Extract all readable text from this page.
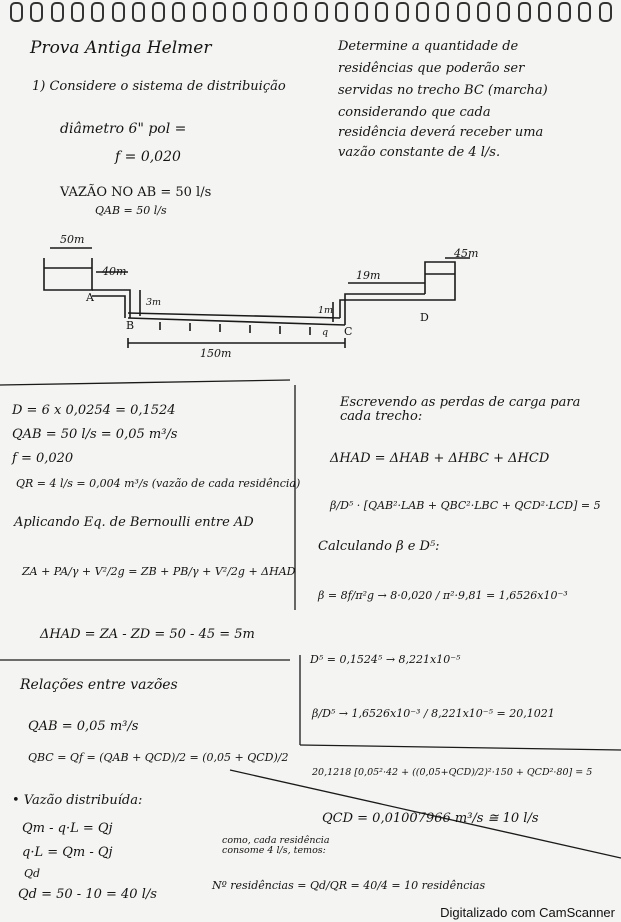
Prova Antiga Helmer
1) Considere o sistema de distribuição
diâmetro 6" pol =
f = 0,020
VAZÃO NO AB = 50 l/s
QAB = 50 l/s
Determine a quantidade de
residências que poderão ser
servidas no trecho BC (marcha)
considerando que cada
residência deverá receber uma
vazão constante de 4 l/s.
50m
40m
A
B
3m
C
q
1m
19m
45m
D
150m
D = 6 x 0,0254 = 0,1524
QAB = 50 l/s = 0,05 m³/s
f = 0,020
QR = 4 l/s = 0,004 m³/s (vazão de cada residência)
Aplicando Eq. de Bernoulli entre AD
ZA + PA/γ + V²/2g = ZB + PB/γ + V²/2g + ΔHAD
ΔHAD = ZA - ZD = 50 - 45 = 5m
Relações entre vazões
QAB = 0,05 m³/s
QBC = Qf = (QAB + QCD)/2 = (0,05 + QCD)/2
• Vazão distribuída:
Qm - q·L = Qj
q·L = Qm - Qj
Qd
Qd = 50 - 10 = 40 l/s
Escrevendo as perdas de carga para cada trecho:
ΔHAD = ΔHAB + ΔHBC + ΔHCD
β/D⁵ · [QAB²·LAB + QBC²·LBC + QCD²·LCD] = 5
Calculando β e D⁵:
β = 8f/π²g → 8·0,020 / π²·9,81 = 1,6526x10⁻³
D⁵ = 0,1524⁵ → 8,221x10⁻⁵
β/D⁵ → 1,6526x10⁻³ / 8,221x10⁻⁵ = 20,1021
20,1218 [0,05²·42 + ((0,05+QCD)/2)²·150 + QCD²·80] = 5
QCD = 0,01007966 m³/s ≅ 10 l/s
como, cada residência consome 4 l/s, temos:
Nº residências = Qd/QR = 40/4 = 10 residências
Digitalizado com CamScanner
